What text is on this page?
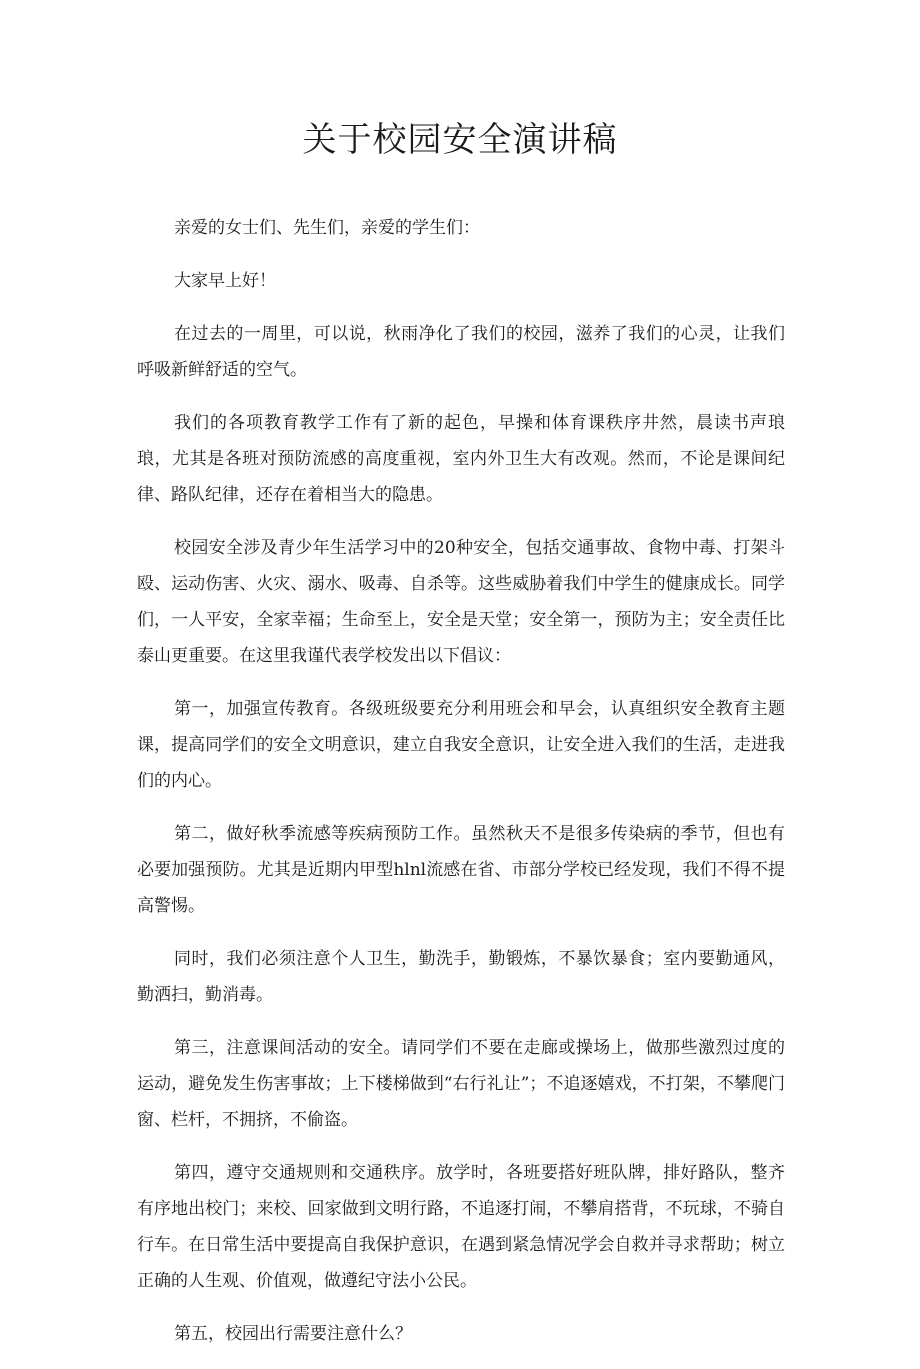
关于校园安全演讲稿

亲爱的女士们、先生们，亲爱的学生们：

大家早上好！

在过去的一周里，可以说，秋雨净化了我们的校园，滋养了我们的心灵，让我们呼吸新鲜舒适的空气。

我们的各项教育教学工作有了新的起色，早操和体育课秩序井然，晨读书声琅琅，尤其是各班对预防流感的高度重视，室内外卫生大有改观。然而，不论是课间纪律、路队纪律，还存在着相当大的隐患。

校园安全涉及青少年生活学习中的20种安全，包括交通事故、食物中毒、打架斗殴、运动伤害、火灾、溺水、吸毒、自杀等。这些威胁着我们中学生的健康成长。同学们，一人平安，全家幸福；生命至上，安全是天堂；安全第一，预防为主；安全责任比泰山更重要。在这里我谨代表学校发出以下倡议：

第一，加强宣传教育。各级班级要充分利用班会和早会，认真组织安全教育主题课，提高同学们的安全文明意识，建立自我安全意识，让安全进入我们的生活，走进我们的内心。

第二，做好秋季流感等疾病预防工作。虽然秋天不是很多传染病的季节，但也有必要加强预防。尤其是近期内甲型hlnl流感在省、市部分学校已经发现，我们不得不提高警惕。

同时，我们必须注意个人卫生，勤洗手，勤锻炼，不暴饮暴食；室内要勤通风，勤洒扫，勤消毒。

第三，注意课间活动的安全。请同学们不要在走廊或操场上，做那些激烈过度的运动，避免发生伤害事故；上下楼梯做到“右行礼让”；不追逐嬉戏，不打架，不攀爬门窗、栏杆，不拥挤，不偷盗。

第四，遵守交通规则和交通秩序。放学时，各班要搭好班队牌，排好路队，整齐有序地出校门；来校、回家做到文明行路，不追逐打闹，不攀肩搭背，不玩球，不骑自行车。在日常生活中要提高自我保护意识，在遇到紧急情况学会自救并寻求帮助；树立正确的人生观、价值观，做遵纪守法小公民。

第五，校园出行需要注意什么？
